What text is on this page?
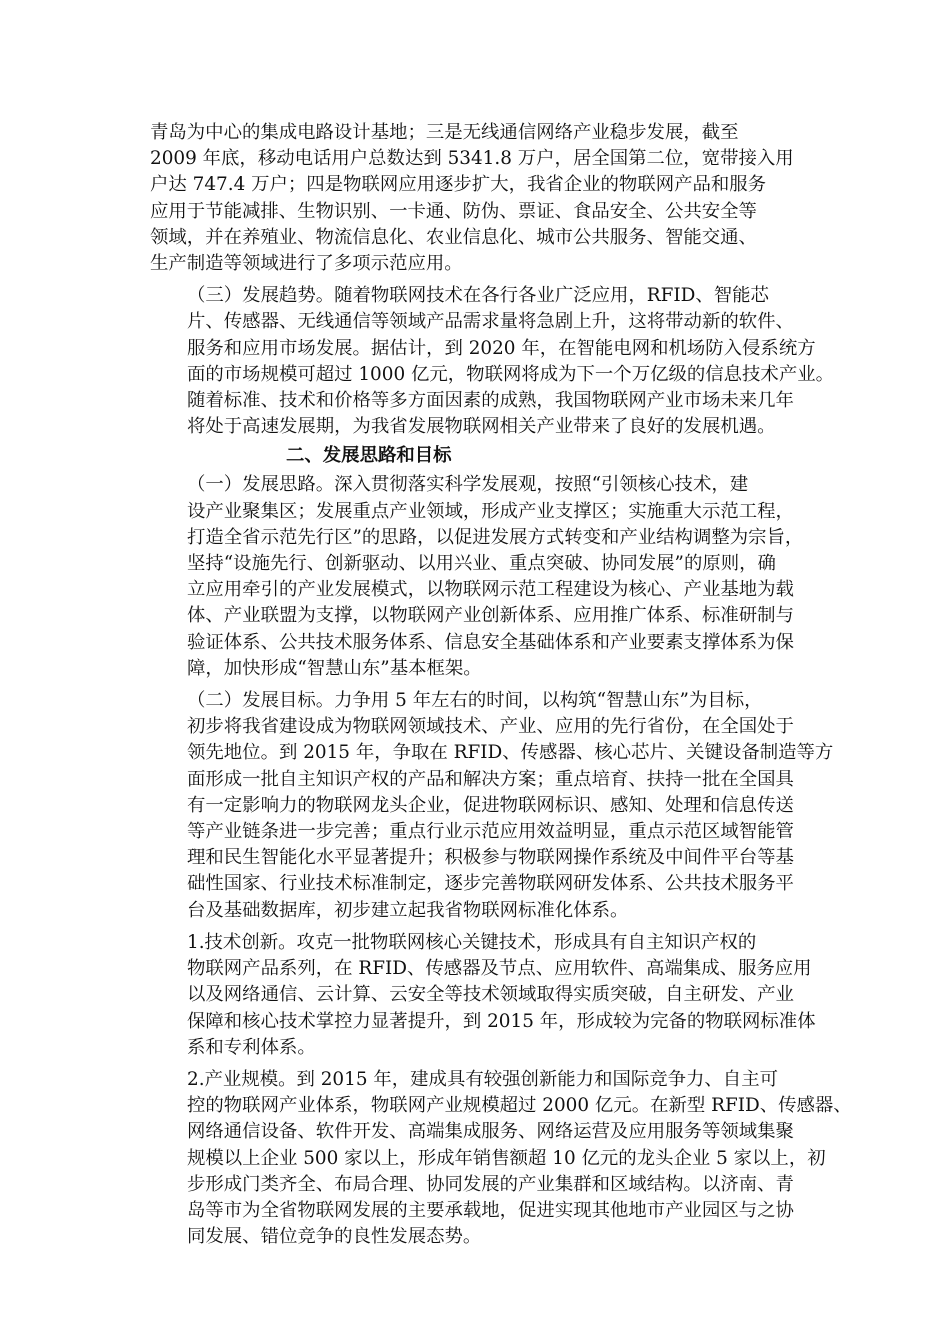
青岛为中心的集成电路设计基地；三是无线通信网络产业稳步发展，截至
2009 年底，移动电话用户总数达到 5341.8 万户，居全国第二位，宽带接入用
户达 747.4 万户；四是物联网应用逐步扩大，我省企业的物联网产品和服务
应用于节能减排、生物识别、一卡通、防伪、票证、食品安全、公共安全等
领域，并在养殖业、物流信息化、农业信息化、城市公共服务、智能交通、
生产制造等领域进行了多项示范应用。

（三）发展趋势。随着物联网技术在各行各业广泛应用，RFID、智能芯
片、传感器、无线通信等领域产品需求量将急剧上升，这将带动新的软件、
服务和应用市场发展。据估计，到 2020 年，在智能电网和机场防入侵系统方
面的市场规模可超过 1000 亿元，物联网将成为下一个万亿级的信息技术产业。
随着标准、技术和价格等多方面因素的成熟，我国物联网产业市场未来几年
将处于高速发展期，为我省发展物联网相关产业带来了良好的发展机遇。

二、发展思路和目标

（一）发展思路。深入贯彻落实科学发展观，按照“引领核心技术，建
设产业聚集区；发展重点产业领域，形成产业支撑区；实施重大示范工程，
打造全省示范先行区”的思路，以促进发展方式转变和产业结构调整为宗旨，
坚持“设施先行、创新驱动、以用兴业、重点突破、协同发展”的原则，确
立应用牵引的产业发展模式，以物联网示范工程建设为核心、产业基地为载
体、产业联盟为支撑，以物联网产业创新体系、应用推广体系、标准研制与
验证体系、公共技术服务体系、信息安全基础体系和产业要素支撑体系为保
障，加快形成“智慧山东”基本框架。

（二）发展目标。力争用 5 年左右的时间，以构筑“智慧山东”为目标，
初步将我省建设成为物联网领域技术、产业、应用的先行省份，在全国处于
领先地位。到 2015 年，争取在 RFID、传感器、核心芯片、关键设备制造等方
面形成一批自主知识产权的产品和解决方案；重点培育、扶持一批在全国具
有一定影响力的物联网龙头企业，促进物联网标识、感知、处理和信息传送
等产业链条进一步完善；重点行业示范应用效益明显，重点示范区域智能管
理和民生智能化水平显著提升；积极参与物联网操作系统及中间件平台等基
础性国家、行业技术标准制定，逐步完善物联网研发体系、公共技术服务平
台及基础数据库，初步建立起我省物联网标准化体系。

1.技术创新。攻克一批物联网核心关键技术，形成具有自主知识产权的
物联网产品系列，在 RFID、传感器及节点、应用软件、高端集成、服务应用
以及网络通信、云计算、云安全等技术领域取得实质突破，自主研发、产业
保障和核心技术掌控力显著提升，到 2015 年，形成较为完备的物联网标准体
系和专利体系。

2.产业规模。到 2015 年，建成具有较强创新能力和国际竞争力、自主可
控的物联网产业体系，物联网产业规模超过 2000 亿元。在新型 RFID、传感器、
网络通信设备、软件开发、高端集成服务、网络运营及应用服务等领域集聚
规模以上企业 500 家以上，形成年销售额超 10 亿元的龙头企业 5 家以上，初
步形成门类齐全、布局合理、协同发展的产业集群和区域结构。以济南、青
岛等市为全省物联网发展的主要承载地，促进实现其他地市产业园区与之协
同发展、错位竞争的良性发展态势。
